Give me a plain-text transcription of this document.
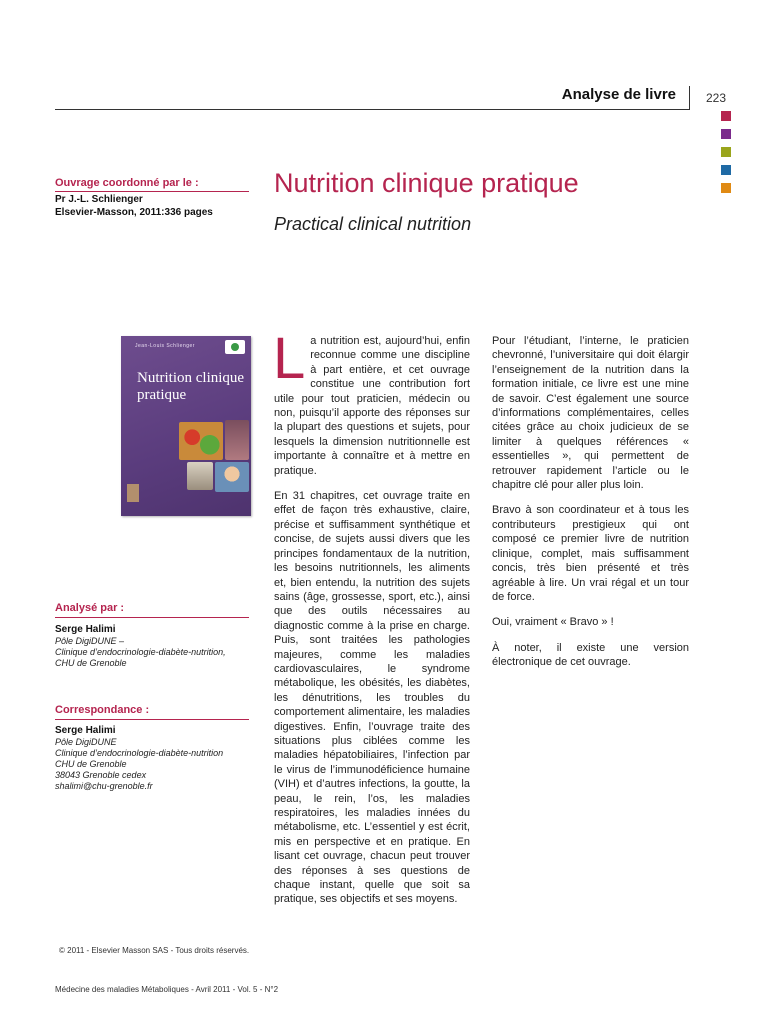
Analyse de livre	223
Ouvrage coordonné par le :
Pr J.-L. Schlienger
Elsevier-Masson, 2011:336 pages
Nutrition clinique pratique
Practical clinical nutrition
Jean-Louis Schlienger
Nutrition clinique
pratique
Analysé par :
Serge Halimi
Pôle DigiDUNE –
Clinique d’endocrinologie-diabète-nutrition,
CHU de Grenoble
Correspondance :
Serge Halimi
Pôle DigiDUNE
Clinique d’endocrinologie-diabète-nutrition
CHU de Grenoble
38043 Grenoble cedex
shalimi@chu-grenoble.fr

La nutrition est, aujourd’hui, enfin reconnue comme une discipline à part entière, et cet ouvrage constitue une contribution fort utile pour tout praticien, médecin ou non, puisqu’il apporte des réponses sur la plupart des questions et sujets, pour lesquels la dimension nutritionnelle est importante à connaître et à mettre en pratique.

En 31 chapitres, cet ouvrage traite en effet de façon très exhaustive, claire, précise et suffisamment synthétique et concise, de sujets aussi divers que les principes fondamentaux de la nutrition, les besoins nutritionnels, les aliments et, bien entendu, la nutrition des sujets sains (âge, grossesse, sport, etc.), ainsi que des outils nécessaires au diagnostic comme à la prise en charge. Puis, sont traitées les pathologies majeures, comme les maladies cardiovasculaires, le syndrome métabolique, les obésités, les diabètes, les dénutritions, les troubles du comportement alimentaire, les maladies digestives. Enfin, l’ouvrage traite des situations plus ciblées comme les maladies hépatobiliaires, l’infection par le virus de l’immunodéficience humaine (VIH) et d’autres infections, la goutte, la peau, le rein, l’os, les maladies respiratoires, les maladies innées du métabolisme, etc. L’essentiel y est écrit, mis en perspective et en pratique. En lisant cet ouvrage, chacun peut trouver des réponses à ses questions de chaque instant, quelle que soit sa pratique, ses objectifs et ses moyens.

Pour l’étudiant, l’interne, le praticien chevronné, l’universitaire qui doit élargir l’enseignement de la nutrition dans la formation initiale, ce livre est une mine de savoir. C’est également une source d’informations complémentaires, celles citées grâce au choix judicieux de se limiter à quelques références « essentielles », qui permettent de retrouver rapidement l’article ou le chapitre clé pour aller plus loin.

Bravo à son coordinateur et à tous les contributeurs prestigieux qui ont composé ce premier livre de nutrition clinique, complet, mais suffisamment concis, très bien présenté et très agréable à lire. Un vrai régal et un tour de force.

Oui, vraiment « Bravo » !

À noter, il existe une version électronique de cet ouvrage.

© 2011 - Elsevier Masson SAS - Tous droits réservés.
Médecine des maladies Métaboliques - Avril 2011 - Vol. 5 - N°2
